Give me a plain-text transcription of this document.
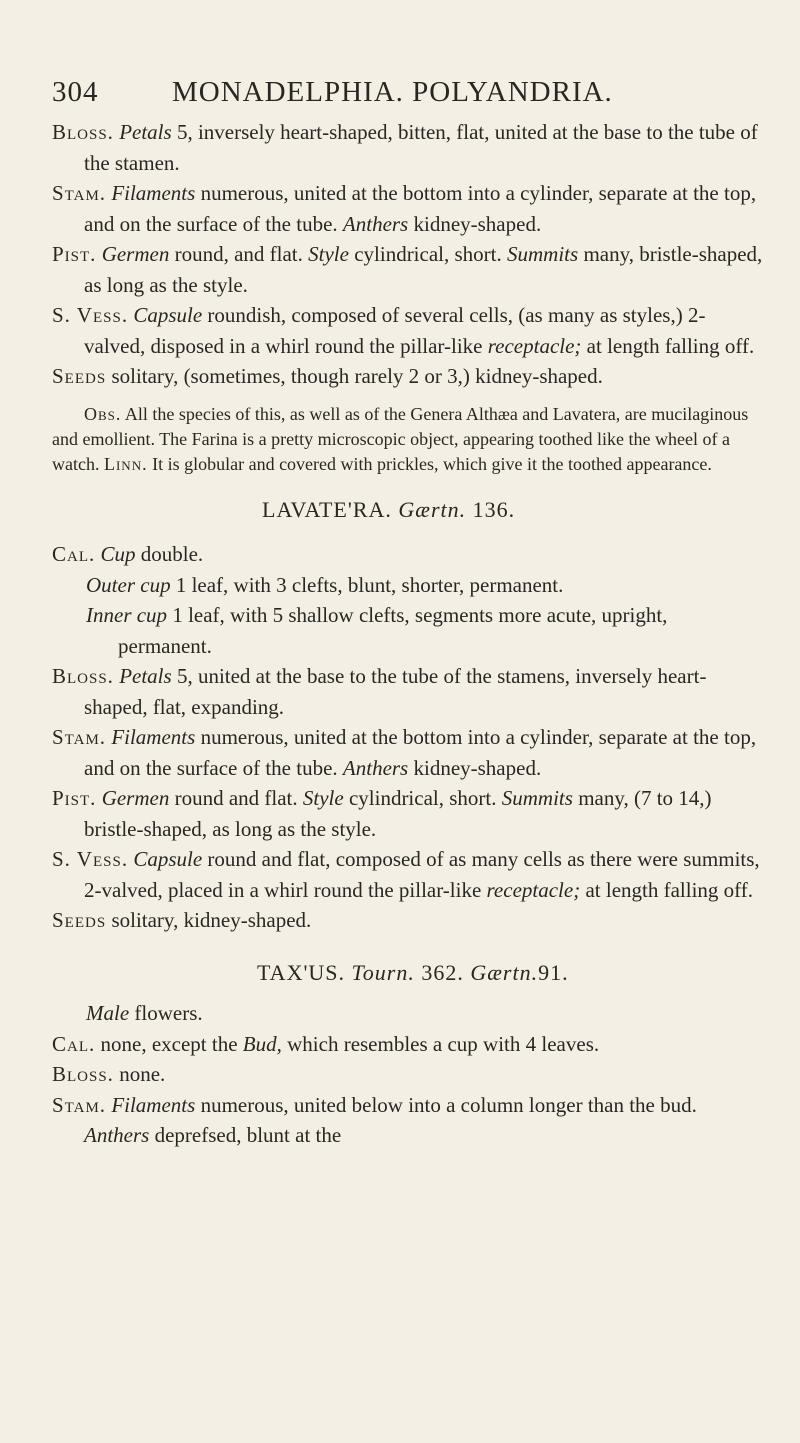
304	MONADELPHIA. POLYANDRIA.

Bloss. Petals 5, inversely heart-shaped, bitten, flat, united at the base to the tube of the stamen.

Stam. Filaments numerous, united at the bottom into a cylinder, separate at the top, and on the surface of the tube. Anthers kidney-shaped.

Pist. Germen round, and flat. Style cylindrical, short. Summits many, bristle-shaped, as long as the style.

S. Vess. Capsule roundish, composed of several cells, (as many as styles,) 2-valved, disposed in a whirl round the pillar-like receptacle; at length falling off.

Seeds solitary, (sometimes, though rarely 2 or 3,) kidney-shaped.

Obs. All the species of this, as well as of the Genera Althæa and Lavatera, are mucilaginous and emollient. The Farina is a pretty microscopic object, appearing toothed like the wheel of a watch. Linn. It is globular and covered with prickles, which give it the toothed appearance.

LAVATE'RA. Gærtn. 136.

Cal. Cup double.

Outer cup 1 leaf, with 3 clefts, blunt, shorter, permanent.

Inner cup 1 leaf, with 5 shallow clefts, segments more acute, upright, permanent.

Bloss. Petals 5, united at the base to the tube of the stamens, inversely heart-shaped, flat, expanding.

Stam. Filaments numerous, united at the bottom into a cylinder, separate at the top, and on the surface of the tube. Anthers kidney-shaped.

Pist. Germen round and flat. Style cylindrical, short. Summits many, (7 to 14,) bristle-shaped, as long as the style.

S. Vess. Capsule round and flat, composed of as many cells as there were summits, 2-valved, placed in a whirl round the pillar-like receptacle; at length falling off.

Seeds solitary, kidney-shaped.

TAX'US. Tourn. 362. Gærtn.91.

Male flowers.

Cal. none, except the Bud, which resembles a cup with 4 leaves.

Bloss. none.

Stam. Filaments numerous, united below into a column longer than the bud. Anthers deprefsed, blunt at the
